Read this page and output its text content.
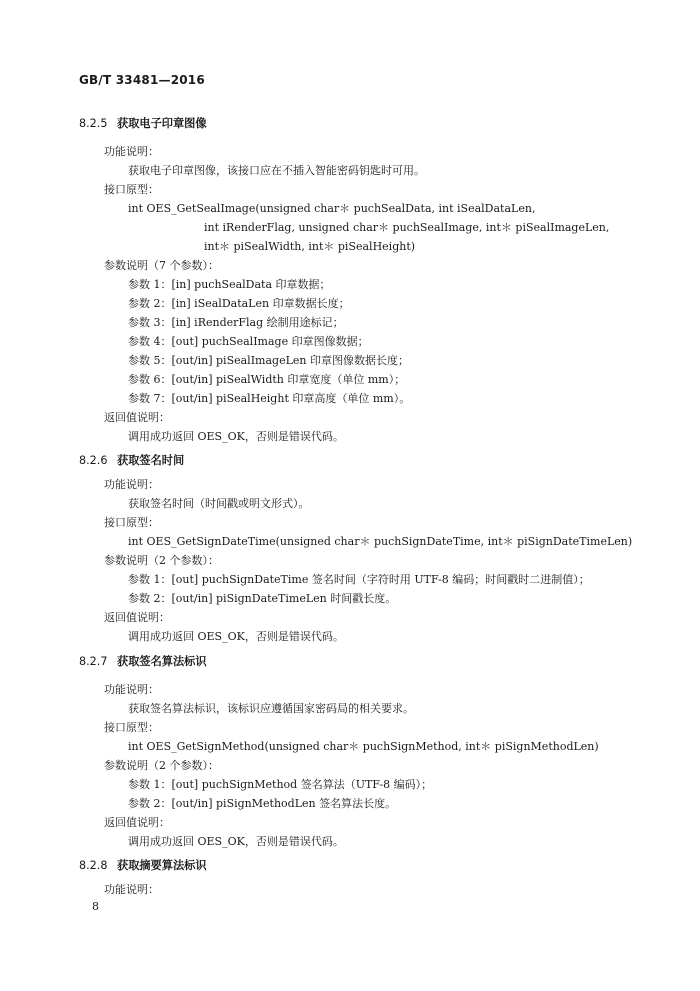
GB/T 33481—2016
8.2.5 获取电子印章图像
功能说明：
获取电子印章图像，该接口应在不插入智能密码钥匙时可用。
接口原型：
int OES_GetSealImage(unsigned char＊ puchSealData, int iSealDataLen,
int iRenderFlag, unsigned char＊ puchSealImage, int＊ piSealImageLen,
int＊ piSealWidth, int＊ piSealHeight)
参数说明（7 个参数）：
参数 1：[in] puchSealData 印章数据；
参数 2：[in] iSealDataLen 印章数据长度；
参数 3：[in] iRenderFlag 绘制用途标记；
参数 4：[out] puchSealImage 印章图像数据；
参数 5：[out/in] piSealImageLen 印章图像数据长度；
参数 6：[out/in] piSealWidth 印章宽度（单位 mm）；
参数 7：[out/in] piSealHeight 印章高度（单位 mm）。
返回值说明：
调用成功返回 OES_OK，否则是错误代码。
8.2.6 获取签名时间
功能说明：
获取签名时间（时间戳或明文形式）。
接口原型：
int OES_GetSignDateTime(unsigned char＊ puchSignDateTime, int＊ piSignDateTimeLen)
参数说明（2 个参数）：
参数 1：[out] puchSignDateTime 签名时间（字符时用 UTF-8 编码；时间戳时二进制值）；
参数 2：[out/in] piSignDateTimeLen 时间戳长度。
返回值说明：
调用成功返回 OES_OK，否则是错误代码。
8.2.7 获取签名算法标识
功能说明：
获取签名算法标识，该标识应遵循国家密码局的相关要求。
接口原型：
int OES_GetSignMethod(unsigned char＊ puchSignMethod, int＊ piSignMethodLen)
参数说明（2 个参数）：
参数 1：[out] puchSignMethod 签名算法（UTF-8 编码）；
参数 2：[out/in] piSignMethodLen 签名算法长度。
返回值说明：
调用成功返回 OES_OK，否则是错误代码。
8.2.8 获取摘要算法标识
功能说明：
8
